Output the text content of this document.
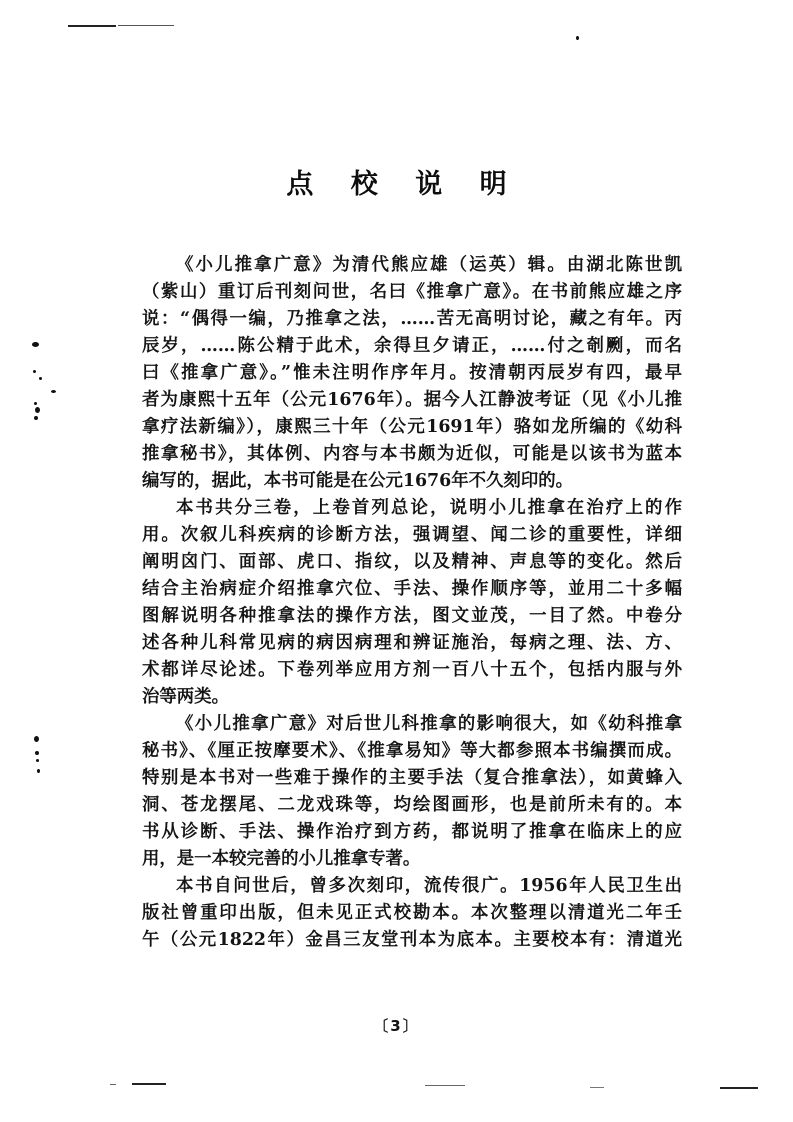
点 校 说 明
《小儿推拿广意》为清代熊应雄（运英）辑。由湖北陈世凯
（紫山）重订后刊刻问世，名曰《推拿广意》。在书前熊应雄之序
说：“偶得一编，乃推拿之法，……苦无高明讨论，藏之有年。丙
辰岁，……陈公精于此术，余得旦夕请正，……付之剞劂，而名
曰《推拿广意》。”惟未注明作序年月。按清朝丙辰岁有四，最早
者为康熙十五年（公元1676年）。据今人江静波考证（见《小儿推
拿疗法新编》），康熙三十年（公元1691年）骆如龙所编的《幼科
推拿秘书》，其体例、内容与本书颇为近似，可能是以该书为蓝本
编写的，据此，本书可能是在公元1676年不久刻印的。
本书共分三卷，上卷首列总论，说明小儿推拿在治疗上的作
用。次叙儿科疾病的诊断方法，强调望、闻二诊的重要性，详细
阐明囟门、面部、虎口、指纹，以及精神、声息等的变化。然后
结合主治病症介绍推拿穴位、手法、操作顺序等，並用二十多幅
图解说明各种推拿法的操作方法，图文並茂，一目了然。中卷分
述各种儿科常见病的病因病理和辨证施治，每病之理、法、方、
术都详尽论述。下卷列举应用方剂一百八十五个，包括内服与外
治等两类。
《小儿推拿广意》对后世儿科推拿的影响很大，如《幼科推拿
秘书》、《厘正按摩要术》、《推拿易知》等大都参照本书编撰而成。
特别是本书对一些难于操作的主要手法（复合推拿法），如黄蜂入
洞、苍龙摆尾、二龙戏珠等，均绘图画形，也是前所未有的。本
书从诊断、手法、操作治疗到方药，都说明了推拿在临床上的应
用，是一本较完善的小儿推拿专著。
本书自问世后，曾多次刻印，流传很广。1956年人民卫生出
版社曾重印出版，但未见正式校勘本。本次整理以清道光二年壬
午（公元1822年）金昌三友堂刊本为底本。主要校本有：清道光
〔3〕
